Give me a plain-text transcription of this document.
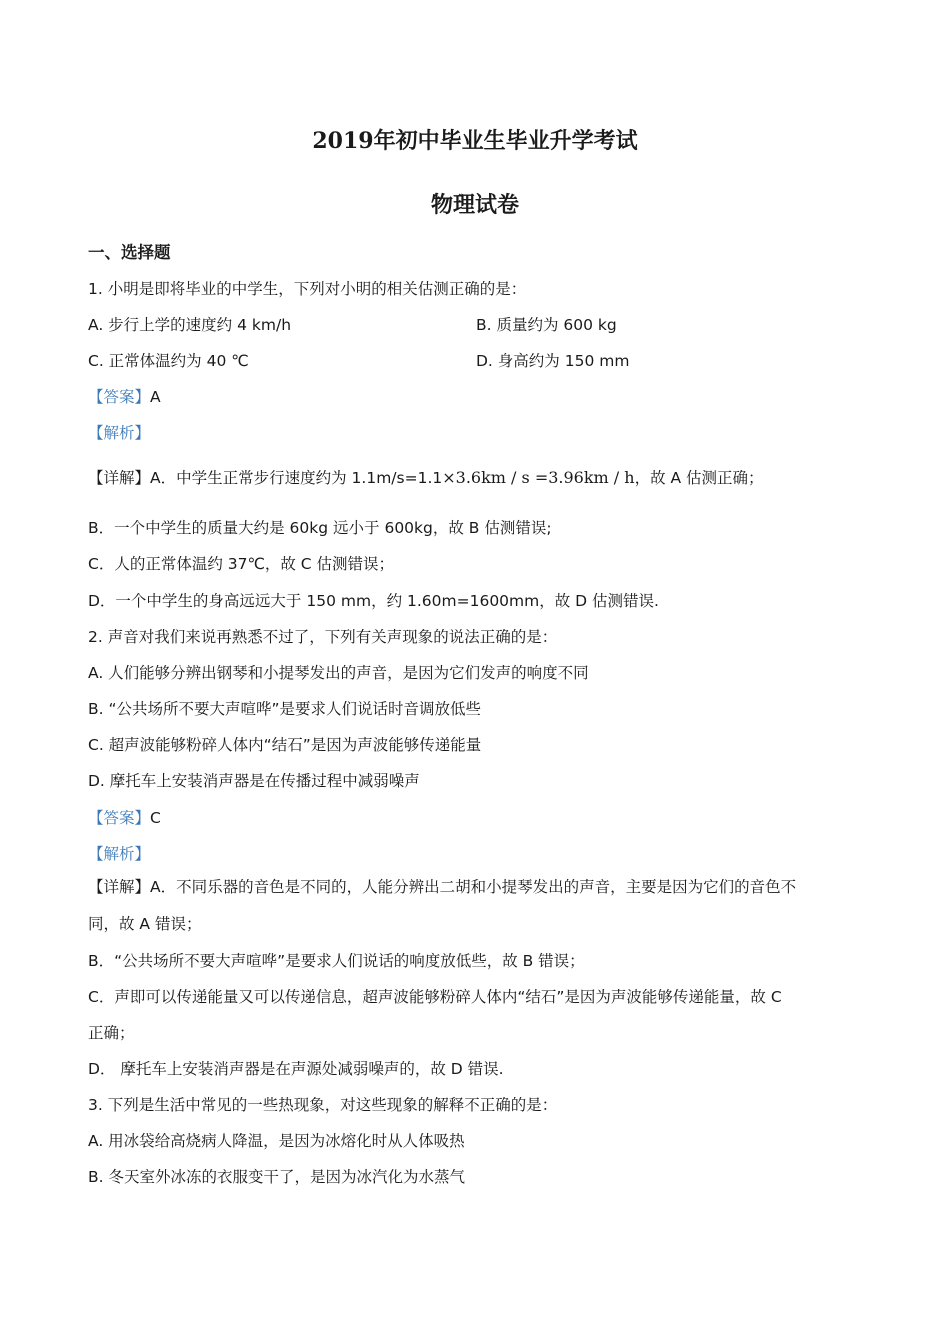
2019年初中毕业生毕业升学考试
物理试卷
一、选择题
1. 小明是即将毕业的中学生，下列对小明的相关估测正确的是：
A. 步行上学的速度约 4 km/h	B. 质量约为 600 kg
C. 正常体温约为 40 ℃	D. 身高约为 150 mm
【答案】A
【解析】
【详解】A．中学生正常步行速度约为 1.1m/s=1.1×3.6km / s =3.96km / h，故 A 估测正确；
B．一个中学生的质量大约是 60kg 远小于 600kg，故 B 估测错误;
C．人的正常体温约 37℃，故 C 估测错误；
D．一个中学生的身高远远大于 150 mm，约 1.60m=1600mm，故 D 估测错误.
2. 声音对我们来说再熟悉不过了，下列有关声现象的说法正确的是：
A. 人们能够分辨出钢琴和小提琴发出的声音，是因为它们发声的响度不同
B. “公共场所不要大声喧哗”是要求人们说话时音调放低些
C. 超声波能够粉碎人体内“结石”是因为声波能够传递能量
D. 摩托车上安装消声器是在传播过程中减弱噪声
【答案】C
【解析】
【详解】A．不同乐器的音色是不同的，人能分辨出二胡和小提琴发出的声音，主要是因为它们的音色不
同，故 A 错误；
B．“公共场所不要大声喧哗”是要求人们说话的响度放低些，故 B 错误；
C．声即可以传递能量又可以传递信息，超声波能够粉碎人体内“结石”是因为声波能够传递能量，故 C
正确；
D． 摩托车上安装消声器是在声源处减弱噪声的，故 D 错误.
3. 下列是生活中常见的一些热现象，对这些现象的解释不正确的是：
A. 用冰袋给高烧病人降温，是因为冰熔化时从人体吸热
B. 冬天室外冰冻的衣服变干了，是因为冰汽化为水蒸气
